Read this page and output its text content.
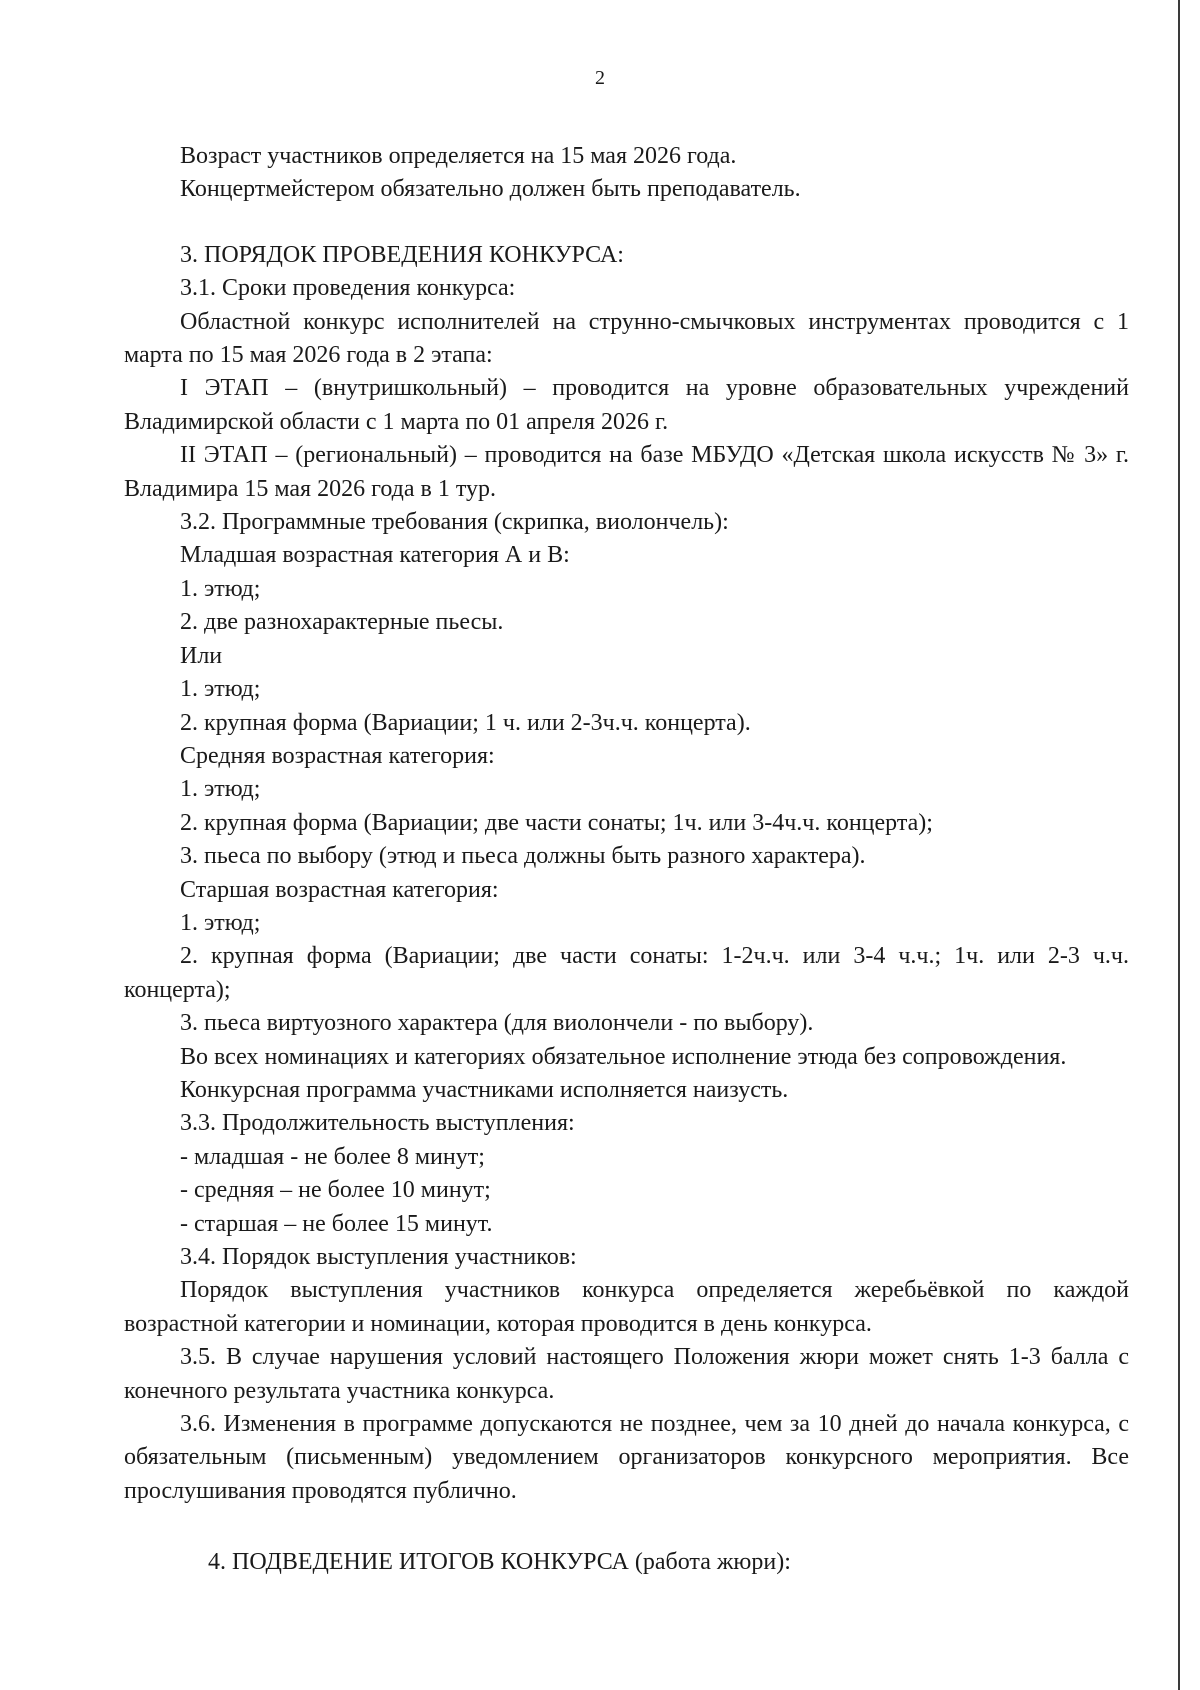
2

Возраст участников определяется на 15 мая 2026 года.

Концертмейстером обязательно должен быть преподаватель.

3. ПОРЯДОК ПРОВЕДЕНИЯ КОНКУРСА:

3.1. Сроки проведения конкурса:

Областной конкурс исполнителей на струнно-смычковых инструментах проводится с 1 марта по 15 мая 2026 года в 2 этапа:

I ЭТАП – (внутришкольный) – проводится на уровне образовательных учреждений Владимирской области с 1 марта по 01 апреля 2026 г.

II ЭТАП – (региональный) – проводится на базе МБУДО «Детская школа искусств № 3» г. Владимира 15 мая 2026 года в 1 тур.

3.2. Программные требования (скрипка, виолончель):

Младшая возрастная категория А и В:

1. этюд;

2. две разнохарактерные пьесы.

Или

1. этюд;

2. крупная форма (Вариации; 1 ч. или 2-3ч.ч. концерта).

Средняя возрастная категория:

1. этюд;

2. крупная форма (Вариации; две части сонаты; 1ч. или 3-4ч.ч. концерта);

3. пьеса по выбору (этюд и пьеса должны быть разного характера).

Старшая возрастная категория:

1. этюд;

2. крупная форма (Вариации; две части сонаты: 1-2ч.ч. или 3-4 ч.ч.; 1ч. или 2-3 ч.ч. концерта);

3. пьеса виртуозного характера (для виолончели - по выбору).

Во всех номинациях и категориях обязательное исполнение этюда без сопровождения.

Конкурсная программа участниками исполняется наизусть.

3.3. Продолжительность выступления:

- младшая - не более 8 минут;

- средняя – не более 10 минут;

- старшая – не более 15 минут.

3.4. Порядок выступления участников:

Порядок выступления участников конкурса определяется жеребьёвкой по каждой возрастной категории и номинации, которая проводится в день конкурса.

3.5. В случае нарушения условий настоящего Положения жюри может снять 1-3 балла с конечного результата участника конкурса.

3.6. Изменения в программе допускаются не позднее, чем за 10 дней до начала конкурса, с обязательным (письменным) уведомлением организаторов конкурсного мероприятия. Все прослушивания проводятся публично.

4. ПОДВЕДЕНИЕ ИТОГОВ КОНКУРСА (работа жюри):
